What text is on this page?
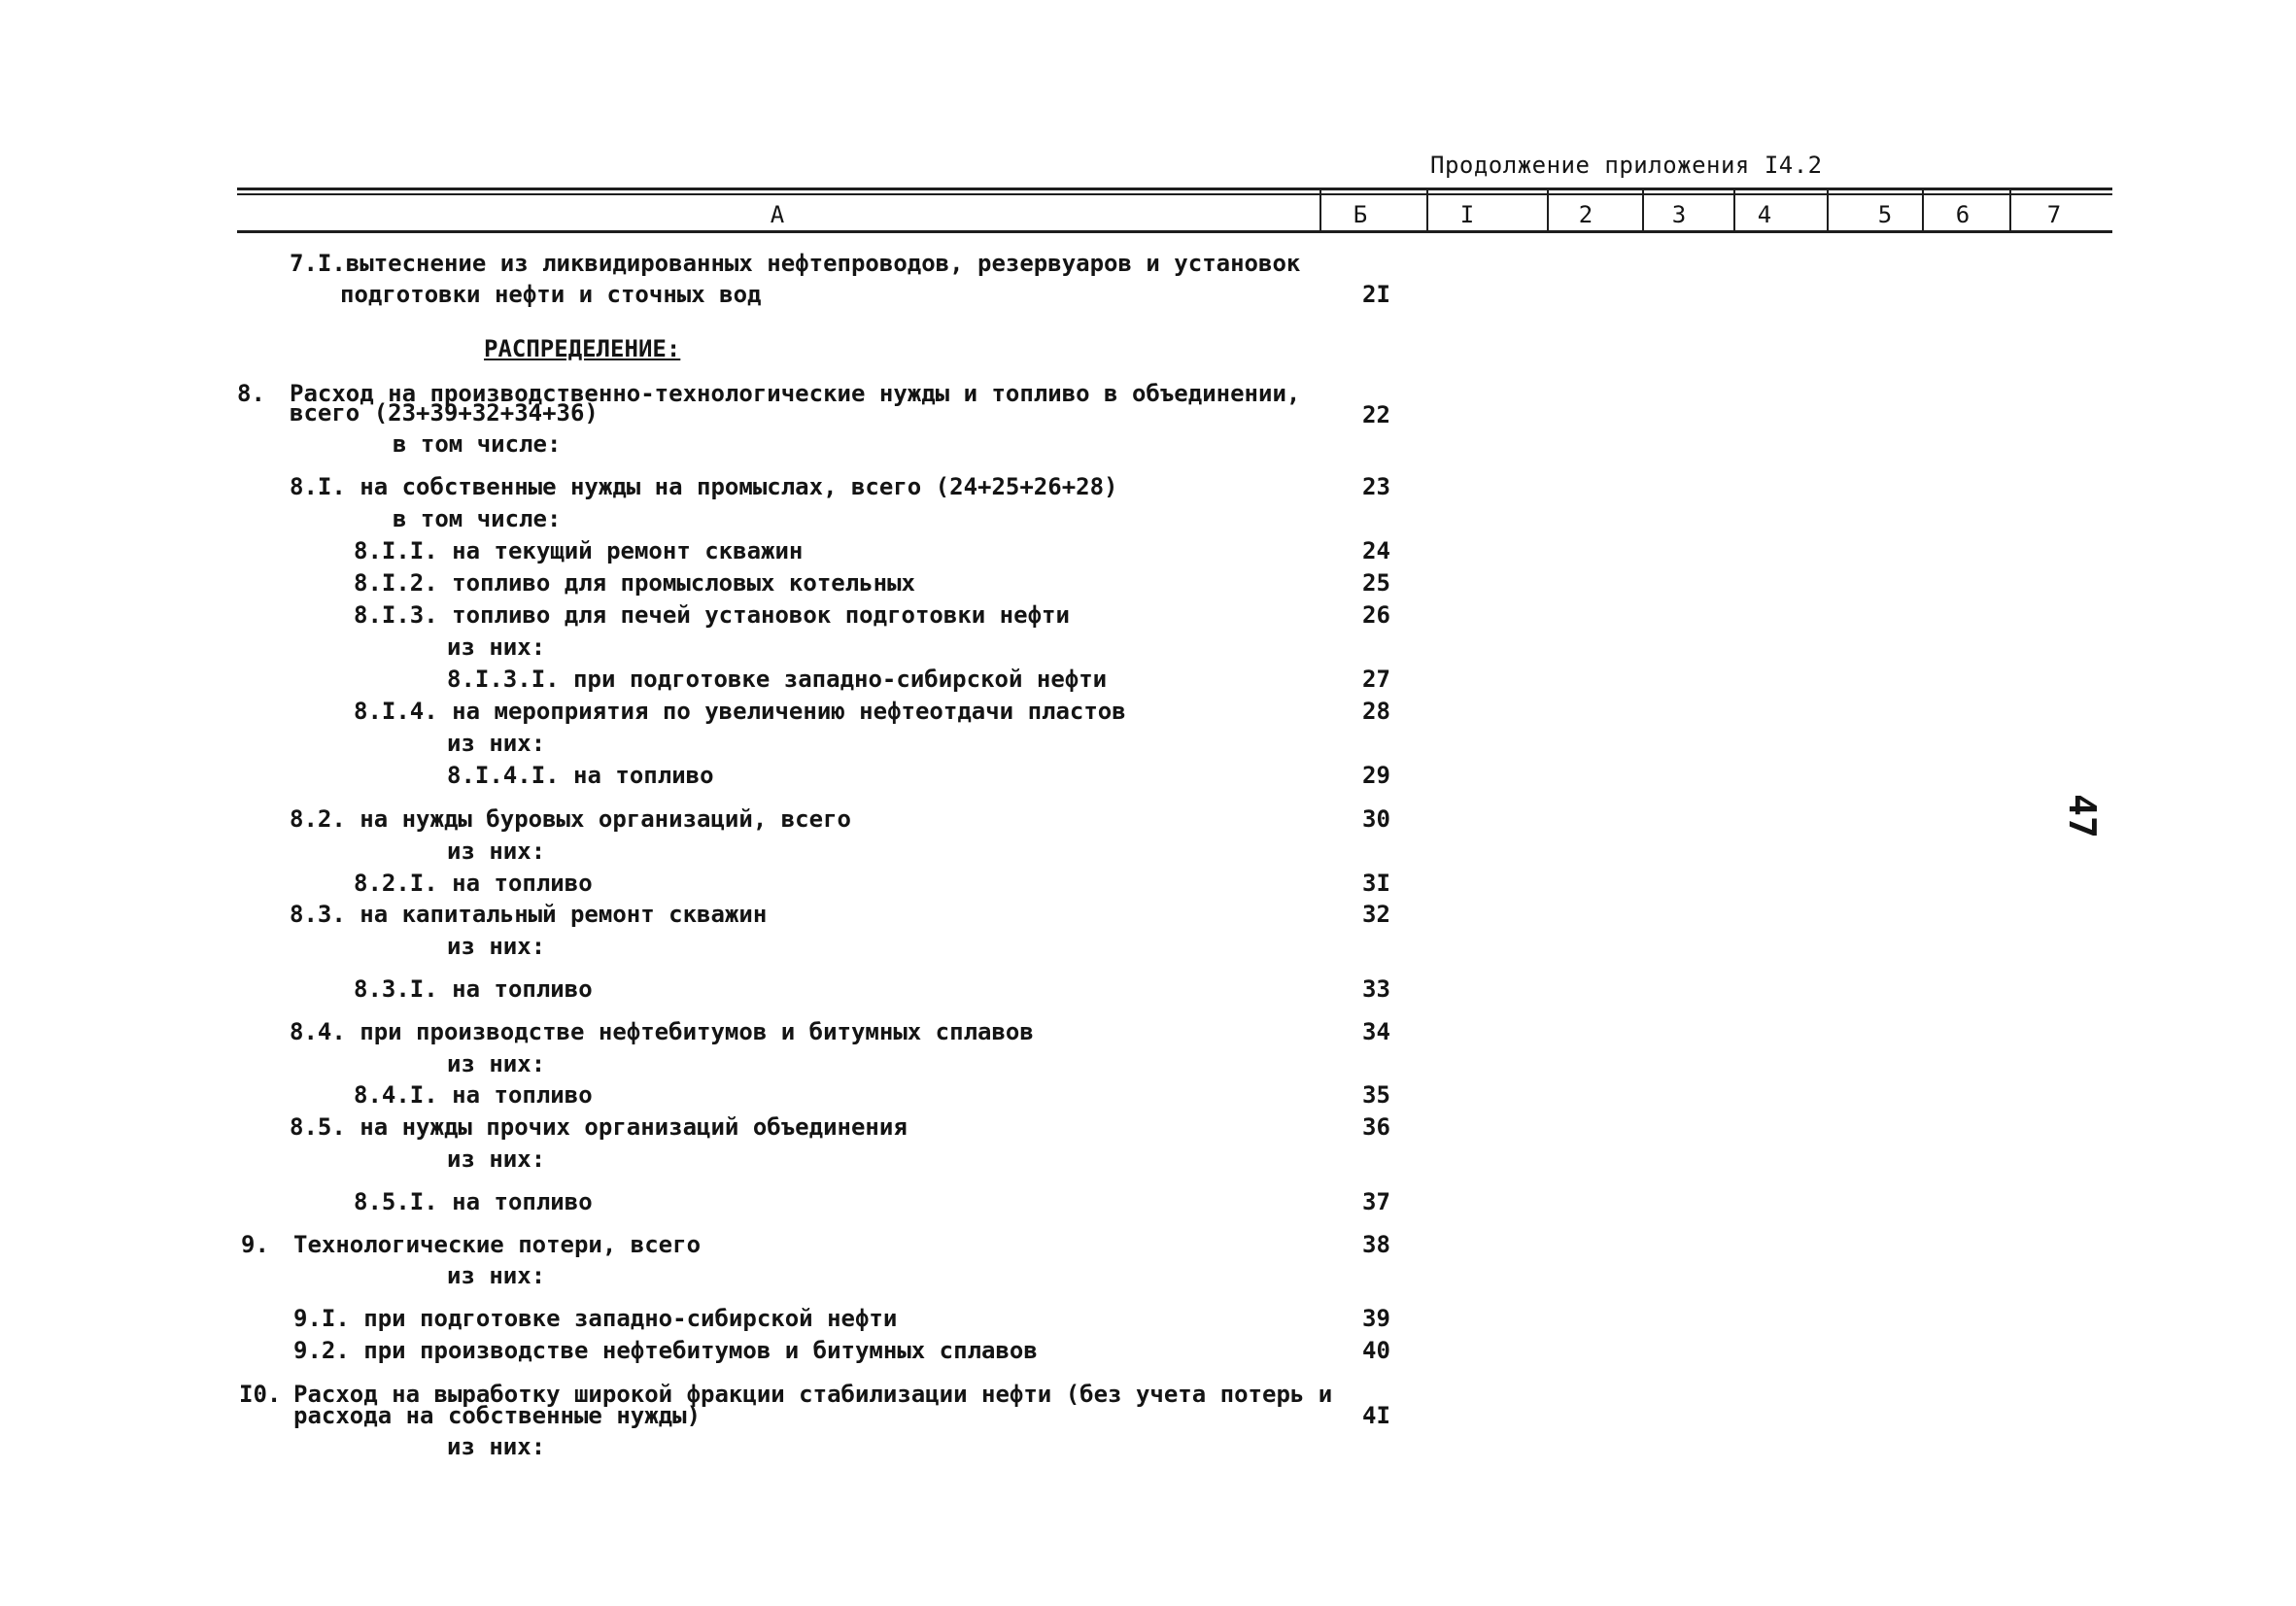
Продолжение приложения I4.2
А	Б	I	2	3	4	5	6	7
7.I.вытеснение из ликвидированных нефтепроводов, резервуаров и установок
подготовки нефти и сточных вод	2I
РАСПРЕДЕЛЕНИЕ:
8. Расход на производственно-технологические нужды и топливо в объединении,
всего (23+39+32+34+36)	22
в том числе:
8.I. на собственные нужды на промыслах, всего (24+25+26+28)	23
в том числе:
8.I.I. на текущий ремонт скважин	24
8.I.2. топливо для промысловых котельных	25
8.I.3. топливо для печей установок подготовки нефти	26
из них:
8.I.3.I. при подготовке западно-сибирской нефти	27
8.I.4. на мероприятия по увеличению нефтеотдачи пластов	28
из них:
8.I.4.I. на топливо	29
8.2. на нужды буровых организаций, всего	30
из них:
8.2.I. на топливо	3I
8.3. на капитальный ремонт скважин	32
из них:
8.3.I. на топливо	33
8.4. при производстве нефтебитумов и битумных сплавов	34
из них:
8.4.I. на топливо	35
8.5. на нужды прочих организаций объединения	36
из них:
8.5.I. на топливо	37
9. Технологические потери, всего	38
из них:
9.I. при подготовке западно-сибирской нефти	39
9.2. при производстве нефтебитумов и битумных сплавов	40
I0. Расход на выработку широкой фракции стабилизации нефти (без учета потерь и
расхода на собственные нужды)	4I
из них:
47
